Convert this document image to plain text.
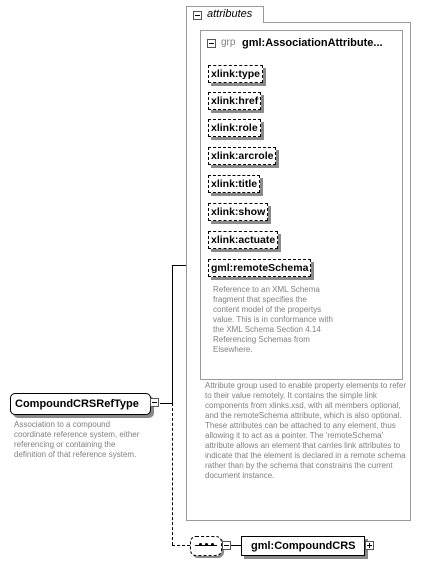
attributes
grp gml:AssociationAttribute...
xlink:type
xlink:href
xlink:role
xlink:arcrole
xlink:title
xlink:show
xlink:actuate
gml:remoteSchema
Reference to an XML Schema fragment that specifies the content model of the propertys value. This is in conformance with the XML Schema Section 4.14 Referencing Schemas from Elsewhere.
Attribute group used to enable property elements to refer to their value remotely. It contains the simple link components from xlinks.xsd, with all members optional, and the remoteSchema attribute, which is also optional. These attributes can be attached to any element, thus allowing it to act as a pointer. The 'remoteSchema' attribute allows an element that carries link attributes to indicate that the element is declared in a remote schema rather than by the schema that constrains the current document instance.
CompoundCRSRefType
Association to a compound coordinate reference system, either referencing or containing the definition of that reference system.
gml:CompoundCRS
